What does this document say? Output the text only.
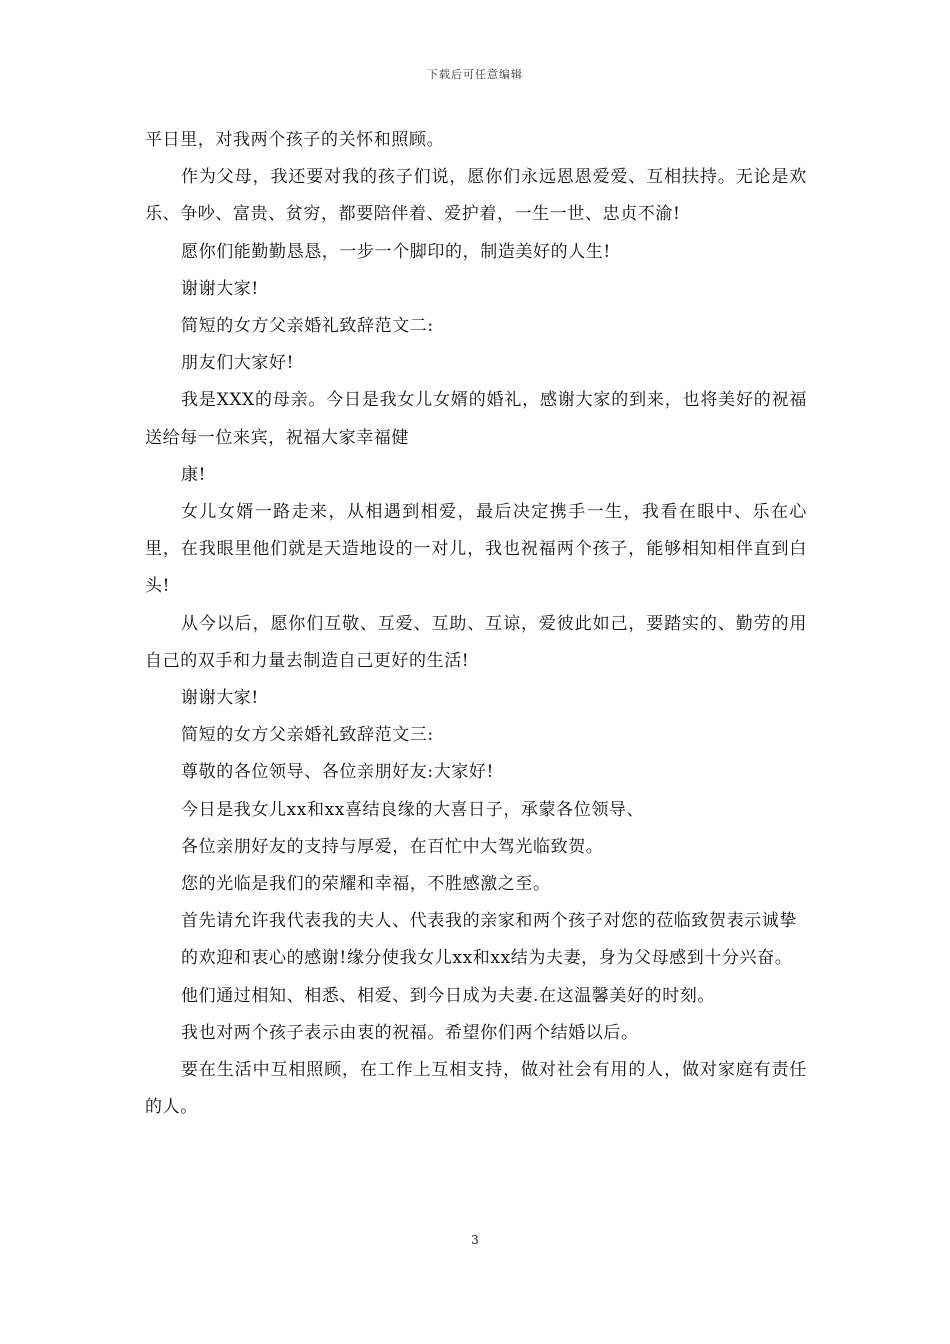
下载后可任意编辑

平日里，对我两个孩子的关怀和照顾。

作为父母，我还要对我的孩子们说，愿你们永远恩恩爱爱、互相扶持。无论是欢乐、争吵、富贵、贫穷，都要陪伴着、爱护着，一生一世、忠贞不渝!

愿你们能勤勤恳恳，一步一个脚印的，制造美好的人生!

谢谢大家!

简短的女方父亲婚礼致辞范文二:

朋友们大家好!

我是XXX的母亲。今日是我女儿女婿的婚礼，感谢大家的到来，也将美好的祝福送给每一位来宾，祝福大家幸福健

康!

女儿女婿一路走来，从相遇到相爱，最后决定携手一生，我看在眼中、乐在心里，在我眼里他们就是天造地设的一对儿，我也祝福两个孩子，能够相知相伴直到白头!

从今以后，愿你们互敬、互爱、互助、互谅，爱彼此如己，要踏实的、勤劳的用自己的双手和力量去制造自己更好的生活!

谢谢大家!

简短的女方父亲婚礼致辞范文三:

尊敬的各位领导、各位亲朋好友:大家好!

今日是我女儿xx和xx喜结良缘的大喜日子，承蒙各位领导、

各位亲朋好友的支持与厚爱，在百忙中大驾光临致贺。

您的光临是我们的荣耀和幸福，不胜感激之至。

首先请允许我代表我的夫人、代表我的亲家和两个孩子对您的莅临致贺表示诚挚

的欢迎和衷心的感谢!缘分使我女儿xx和xx结为夫妻，身为父母感到十分兴奋。

他们通过相知、相悉、相爱、到今日成为夫妻.在这温馨美好的时刻。

我也对两个孩子表示由衷的祝福。希望你们两个结婚以后。

要在生活中互相照顾，在工作上互相支持，做对社会有用的人，做对家庭有责任的人。

3
